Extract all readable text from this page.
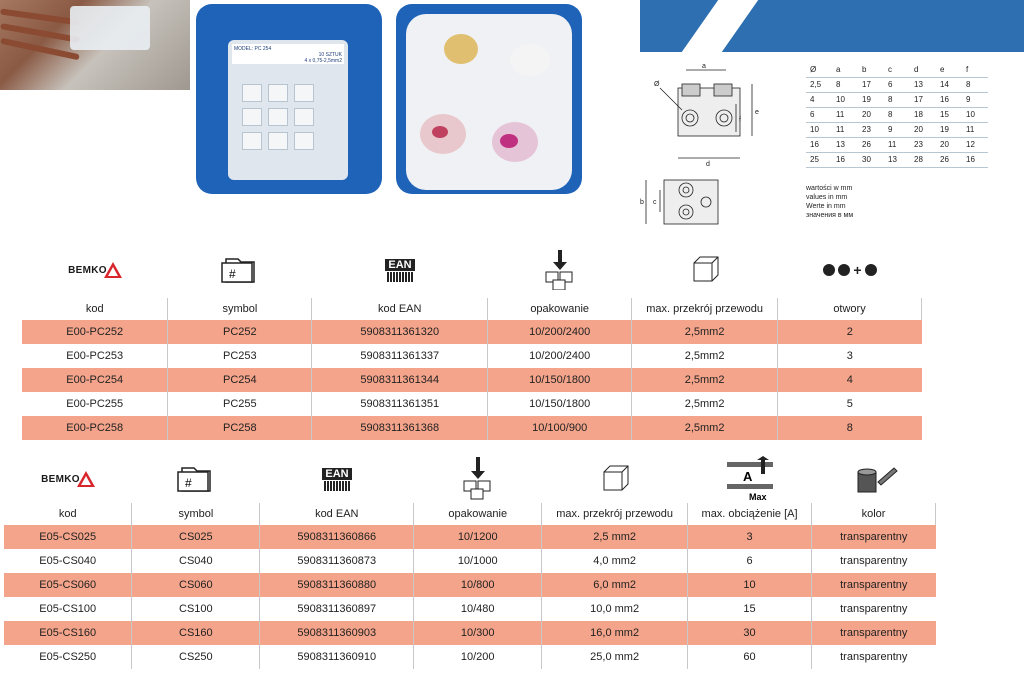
MODEL: PC 254

10 SZTUK

4 x 0,75-2,5mm2
a
d
e
f
Ø
b c
Ø	a	b	c	d	e	f
2,5	8	17	6	13	14	8
4	10	19	8	17	16	9
6	11	20	8	18	15	10
10	11	23	9	20	19	11
16	13	26	11	23	20	12
25	16	30	13	28	26	16
wartości w mm
values in mm
Werte in mm
значения в мм
BEMKO	#
EAN	+
kod	symbol	kod EAN	opakowanie	max. przekrój przewodu	otwory
E00-PC252	PC252	5908311361320	10/200/2400	2,5mm2	2
E00-PC253	PC253	5908311361337	10/200/2400	2,5mm2	3
E00-PC254	PC254	5908311361344	10/150/1800	2,5mm2	4
E00-PC255	PC255	5908311361351	10/150/1800	2,5mm2	5
E00-PC258	PC258	5908311361368	10/100/900	2,5mm2	8
BEMKO	#
EAN	A
Max
kod	symbol	kod EAN	opakowanie	max. przekrój przewodu	max. obciążenie [A]	kolor
E05-CS025	CS025	5908311360866	10/1200	2,5 mm2	3	transparentny
E05-CS040	CS040	5908311360873	10/1000	4,0 mm2	6	transparentny
E05-CS060	CS060	5908311360880	10/800	6,0 mm2	10	transparentny
E05-CS100	CS100	5908311360897	10/480	10,0 mm2	15	transparentny
E05-CS160	CS160	5908311360903	10/300	16,0 mm2	30	transparentny
E05-CS250	CS250	5908311360910	10/200	25,0 mm2	60	transparentny
